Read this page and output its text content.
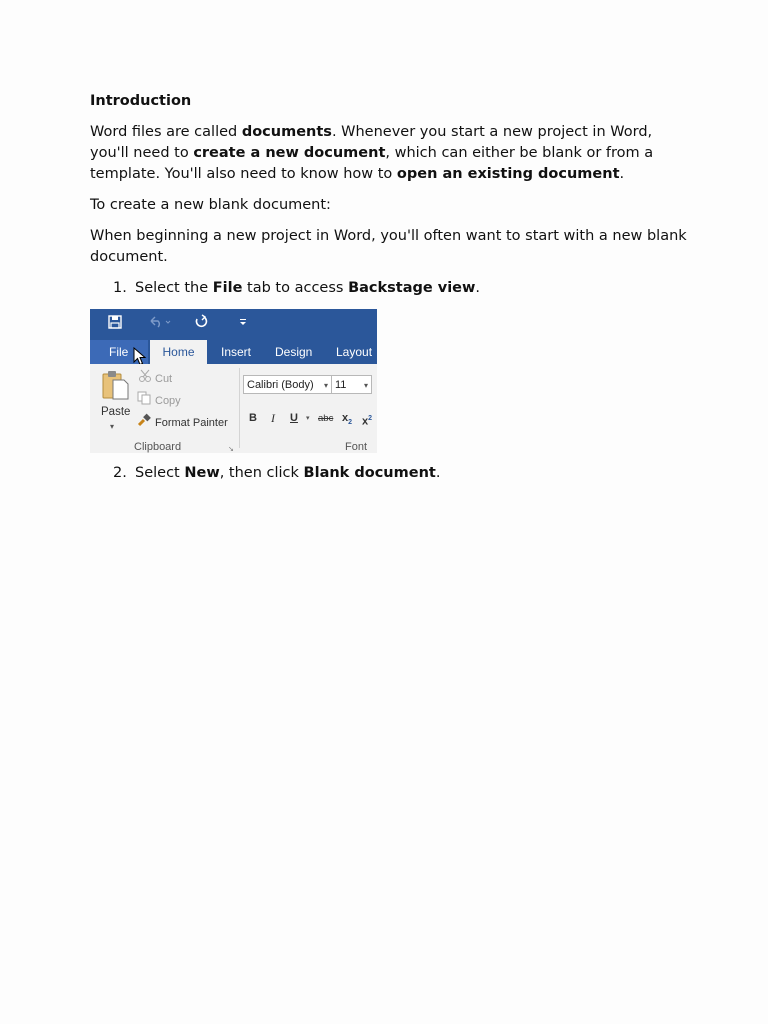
Introduction

Word files are called documents. Whenever you start a new project in Word, you'll need to create a new document, which can either be blank or from a template. You'll also need to know how to open an existing document.

To create a new blank document:

When beginning a new project in Word, you'll often want to start with a new blank document.

1. Select the File tab to access Backstage view.
File	Home	Insert Design Layout
Paste
▾
Cut
Copy
Format Painter
Clipboard	↘
Calibri (Body) ▾ 11 ▾
B I U ▾ abc $x_2$ $x^2$
Font
2. Select New, then click Blank document.
